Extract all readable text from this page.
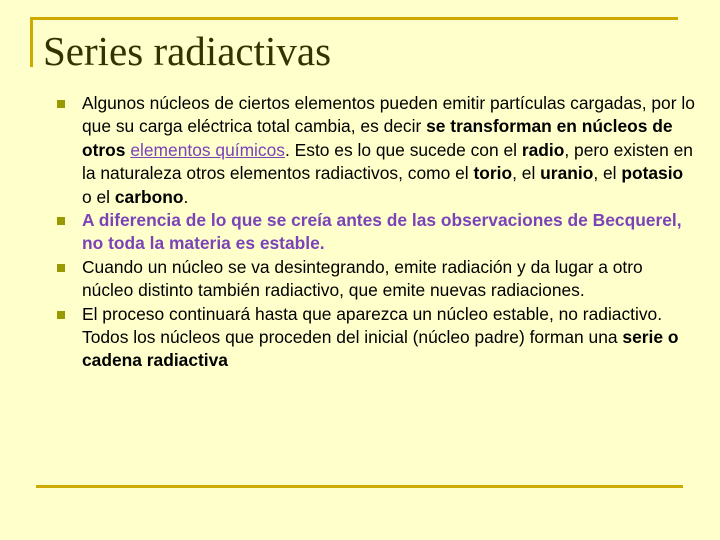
Series radiactivas
Algunos núcleos de ciertos elementos pueden emitir partículas cargadas, por lo que su carga eléctrica total cambia, es decir se transforman en núcleos de otros elementos químicos. Esto es lo que sucede con el radio, pero existen en la naturaleza otros elementos radiactivos, como el torio, el uranio, el potasio o el carbono.
A diferencia de lo que se creía antes de las observaciones de Becquerel, no toda la materia es estable.
Cuando un núcleo se va desintegrando, emite radiación y da lugar a otro núcleo distinto también radiactivo, que emite nuevas radiaciones.
El proceso continuará hasta que aparezca un núcleo estable, no radiactivo. Todos los núcleos que proceden del inicial (núcleo padre) forman una serie o cadena radiactiva
